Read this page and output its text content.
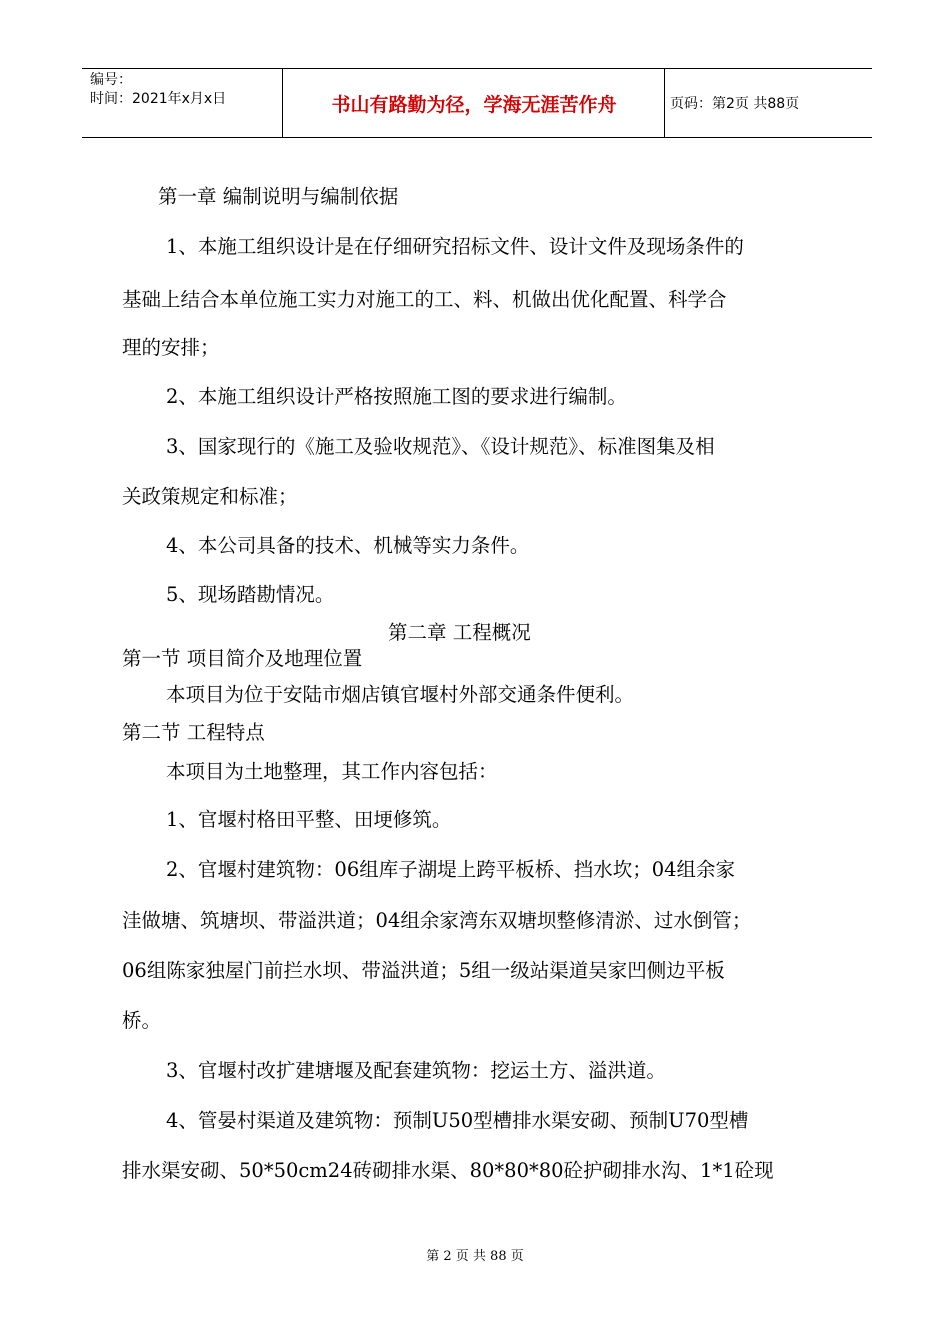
编号：
时间：2021年x月x日	书山有路勤为径，学海无涯苦作舟	页码：第2页 共88页
第一章 编制说明与编制依据
1、本施工组织设计是在仔细研究招标文件、设计文件及现场条件的
基础上结合本单位施工实力对施工的工、料、机做出优化配置、科学合
理的安排；
2、本施工组织设计严格按照施工图的要求进行编制。
3、国家现行的《施工及验收规范》、《设计规范》、标准图集及相
关政策规定和标准；
4、本公司具备的技术、机械等实力条件。
5、现场踏勘情况。
第二章 工程概况
第一节 项目简介及地理位置
本项目为位于安陆市烟店镇官堰村外部交通条件便利。
第二节 工程特点
本项目为土地整理，其工作内容包括：
1、官堰村格田平整、田埂修筑。
2、官堰村建筑物：06组库子湖堤上跨平板桥、挡水坎；04组余家
洼做塘、筑塘坝、带溢洪道；04组余家湾东双塘坝整修清淤、过水倒管；
06组陈家独屋门前拦水坝、带溢洪道；5组一级站渠道吴家凹侧边平板
桥。
3、官堰村改扩建塘堰及配套建筑物：挖运土方、溢洪道。
4、管晏村渠道及建筑物：预制U50型槽排水渠安砌、预制U70型槽
排水渠安砌、50*50cm24砖砌排水渠、80*80*80砼护砌排水沟、1*1砼现
第 2 页 共 88 页
